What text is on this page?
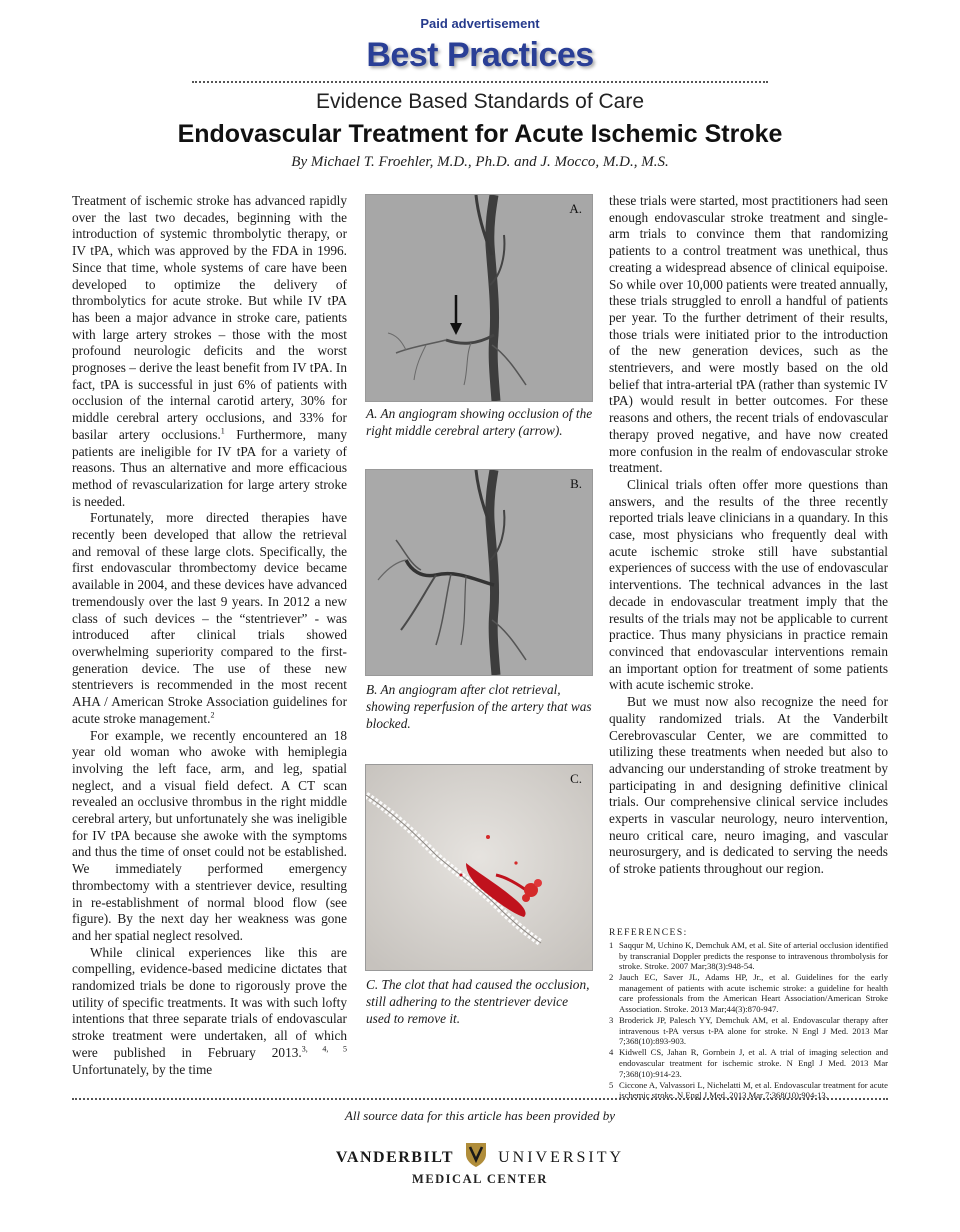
Paid advertisement
Best Practices
Evidence Based Standards of Care
Endovascular Treatment for Acute Ischemic Stroke
By Michael T. Froehler, M.D., Ph.D. and J. Mocco, M.D., M.S.

Treatment of ischemic stroke has advanced rapidly over the last two decades, beginning with the introduction of systemic thrombolytic therapy, or IV tPA, which was approved by the FDA in 1996. Since that time, whole systems of care have been developed to optimize the delivery of thrombolytics for acute stroke. But while IV tPA has been a major advance in stroke care, patients with large artery strokes – those with the most profound neurologic deficits and the worst prognoses – derive the least benefit from IV tPA. In fact, tPA is successful in just 6% of patients with occlusion of the internal carotid artery, 30% for middle cerebral artery occlusions, and 33% for basilar artery occlusions.$^1$ Furthermore, many patients are ineligible for IV tPA for a variety of reasons. Thus an alternative and more efficacious method of revascularization for large artery stroke is needed.

Fortunately, more directed therapies have recently been developed that allow the retrieval and removal of these large clots. Specifically, the first endovascular thrombectomy device became available in 2004, and these devices have advanced tremendously over the last 9 years. In 2012 a new class of such devices – the “stentriever” - was introduced after clinical trials showed overwhelming superiority compared to the first-generation device. The use of these new stentrievers is recommended in the most recent AHA / American Stroke Association guidelines for acute stroke management.$^2$

For example, we recently encountered an 18 year old woman who awoke with hemiplegia involving the left face, arm, and leg, spatial neglect, and a visual field defect. A CT scan revealed an occlusive thrombus in the right middle cerebral artery, but unfortunately she was ineligible for IV tPA because she awoke with the symptoms and thus the time of onset could not be established. We immediately performed emergency thrombectomy with a stentriever device, resulting in re-establishment of normal blood flow (see figure). By the next day her weakness was gone and her spatial neglect resolved.

While clinical experiences like this are compelling, evidence-based medicine dictates that randomized trials be done to rigorously prove the utility of specific treatments. It was with such lofty intentions that three separate trials of endovascular stroke treatment were undertaken, all of which were published in February 2013.$^{3, 4, 5}$ Unfortunately, by the time

A.
A. An angiogram showing occlusion of the right middle cerebral artery (arrow).
B.
B. An angiogram after clot retrieval, showing reperfusion of the artery that was blocked.
C.
C. The clot that had caused the occlusion, still adhering to the stentriever device used to remove it.

these trials were started, most practitioners had seen enough endovascular stroke treatment and single-arm trials to convince them that randomizing patients to a control treatment was unethical, thus creating a widespread absence of clinical equipoise. So while over 10,000 patients were treated annually, these trials struggled to enroll a handful of patients per year. To the further detriment of their results, those trials were initiated prior to the introduction of the new generation devices, such as the stentrievers, and were mostly based on the old belief that intra-arterial tPA (rather than systemic IV tPA) would result in better outcomes. For these reasons and others, the recent trials of endovascular therapy proved negative, and have now created more confusion in the realm of endovascular stroke treatment.

Clinical trials often offer more questions than answers, and the results of the three recently reported trials leave clinicians in a quandary. In this case, most physicians who frequently deal with acute ischemic stroke still have substantial experiences of success with the use of endovascular interventions. The technical advances in the last decade in endovascular treatment imply that the results of the trials may not be applicable to current practice. Thus many physicians in practice remain convinced that endovascular interventions remain an important option for treatment of some patients with acute ischemic stroke.

But we must now also recognize the need for quality randomized trials. At the Vanderbilt Cerebrovascular Center, we are committed to utilizing these treatments when needed but also to advancing our understanding of stroke treatment by participating in and designing definitive clinical trials. Our comprehensive clinical service includes experts in vascular neurology, neuro intervention, neuro critical care, neuro imaging, and vascular neurosurgery, and is dedicated to serving the needs of stroke patients throughout our region.

REFERENCES:
1 Saqqur M, Uchino K, Demchuk AM, et al. Site of arterial occlusion identified by transcranial Doppler predicts the response to intravenous thrombolysis for stroke. Stroke. 2007 Mar;38(3):948-54.
2 Jauch EC, Saver JL, Adams HP, Jr., et al. Guidelines for the early management of patients with acute ischemic stroke: a guideline for health care professionals from the American Heart Association/American Stroke Association. Stroke. 2013 Mar;44(3):870-947.
3 Broderick JP, Palesch YY, Demchuk AM, et al. Endovascular therapy after intravenous t-PA versus t-PA alone for stroke. N Engl J Med. 2013 Mar 7;368(10):893-903.
4 Kidwell CS, Jahan R, Gornbein J, et al. A trial of imaging selection and endovascular treatment for ischemic stroke. N Engl J Med. 2013 Mar 7;368(10):914-23.
5 Ciccone A, Valvassori L, Nichelatti M, et al. Endovascular treatment for acute ischemic stroke. N Engl J Med. 2013 Mar 7;368(10):904-13.
All source data for this article has been provided by
VANDERBILT	UNIVERSITY
MEDICAL CENTER
